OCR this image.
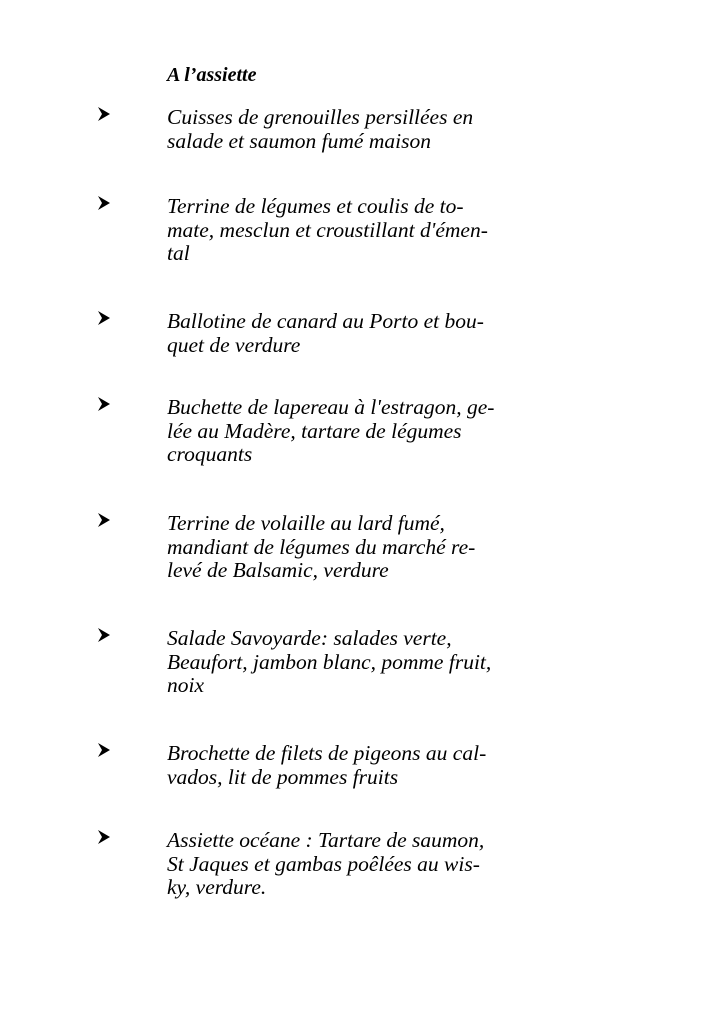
A l’assiette

Cuisses de grenouilles persillées en
salade et saumon fumé maison

Terrine de légumes et coulis de to-
mate, mesclun et croustillant d'émen-
tal

Ballotine de canard au Porto et bou-
quet de verdure

Buchette de lapereau à l'estragon, ge-
lée au Madère, tartare de légumes
croquants

Terrine de volaille au lard fumé,
mandiant de légumes du marché re-
levé de Balsamic, verdure

Salade Savoyarde: salades verte,
Beaufort, jambon blanc, pomme fruit,
noix

Brochette de filets de pigeons au cal-
vados, lit de pommes fruits

Assiette océane : Tartare de saumon,
St Jaques et gambas poêlées au wis-
ky, verdure.
